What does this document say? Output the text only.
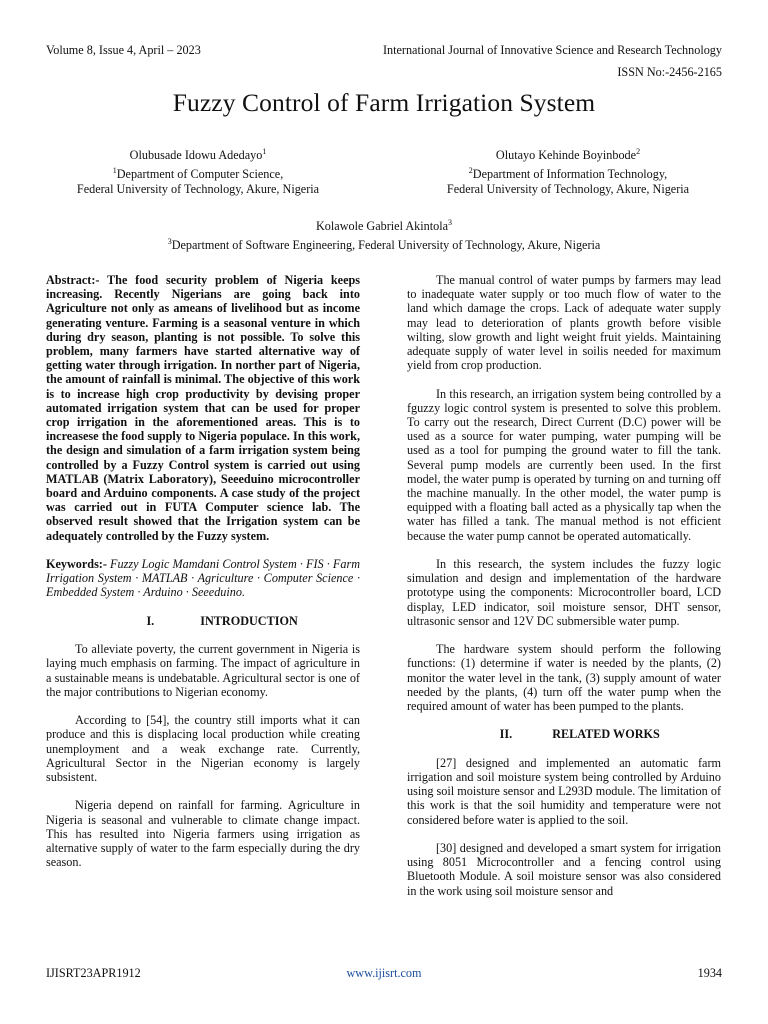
Volume 8, Issue 4, April – 2023	International Journal of Innovative Science and Research Technology
ISSN No:-2456-2165
Fuzzy Control of Farm Irrigation System
Olubusade Idowu Adedayo$^1$
$^1$Department of Computer Science,
Federal University of Technology, Akure, Nigeria
Olutayo Kehinde Boyinbode$^2$
$^2$Department of Information Technology,
Federal University of Technology, Akure, Nigeria
Kolawole Gabriel Akintola$^3$
$^3$Department of Software Engineering, Federal University of Technology, Akure, Nigeria

Abstract:- The food security problem of Nigeria keeps increasing. Recently Nigerians are going back into Agriculture not only as ameans of livelihood but as income generating venture. Farming is a seasonal venture in which during dry season, planting is not possible. To solve this problem, many farmers have started alternative way of getting water through irrigation. In norther part of Nigeria, the amount of rainfall is minimal. The objective of this work is to increase high crop productivity by devising proper automated irrigation system that can be used for proper crop irrigation in the aforementioned areas. This is to increasese the food supply to Nigeria populace. In this work, the design and simulation of a farm irrigation system being controlled by a Fuzzy Control system is carried out using MATLAB (Matrix Laboratory), Seeeduino microcontroller board and Arduino components. A case study of the project was carried out in FUTA Computer science lab. The observed result showed that the Irrigation system can be adequately controlled by the Fuzzy system.

Keywords:- Fuzzy Logic Mamdani Control System · FIS · Farm Irrigation System · MATLAB · Agriculture · Computer Science · Embedded System · Arduino · Seeeduino.

I.	INTRODUCTION

To alleviate poverty, the current government in Nigeria is laying much emphasis on farming. The impact of agriculture in a sustainable means is undebatable. Agricultural sector is one of the major contributions to Nigerian economy.

According to [54], the country still imports what it can produce and this is displacing local production while creating unemployment and a weak exchange rate. Currently, Agricultural Sector in the Nigerian economy is largely subsistent.

Nigeria depend on rainfall for farming. Agriculture in Nigeria is seasonal and vulnerable to climate change impact. This has resulted into Nigeria farmers using irrigation as alternative supply of water to the farm especially during the dry season.

The manual control of water pumps by farmers may lead to inadequate water supply or too much flow of water to the land which damage the crops. Lack of adequate water supply may lead to deterioration of plants growth before visible wilting, slow growth and light weight fruit yields. Maintaining adequate supply of water level in soilis needed for maximum yield from crop production.

In this research, an irrigation system being controlled by a fguzzy logic control system is presented to solve this problem. To carry out the research, Direct Current (D.C) power will be used as a source for water pumping, water pumping will be used as a tool for pumping the ground water to fill the tank. Several pump models are currently been used. In the first model, the water pump is operated by turning on and turning off the machine manually. In the other model, the water pump is equipped with a floating ball acted as a physically tap when the water has filled a tank. The manual method is not efficient because the water pump cannot be operated automatically.

In this research, the system includes the fuzzy logic simulation and design and implementation of the hardware prototype using the components: Microcontroller board, LCD display, LED indicator, soil moisture sensor, DHT sensor, ultrasonic sensor and 12V DC submersible water pump.

The hardware system should perform the following functions: (1) determine if water is needed by the plants, (2) monitor the water level in the tank, (3) supply amount of water needed by the plants, (4) turn off the water pump when the required amount of water has been pumped to the plants.

II.	RELATED WORKS

[27] designed and implemented an automatic farm irrigation and soil moisture system being controlled by Arduino using soil moisture sensor and L293D module. The limitation of this work is that the soil humidity and temperature were not considered before water is applied to the soil.

[30] designed and developed a smart system for irrigation using 8051 Microcontroller and a fencing control using Bluetooth Module. A soil moisture sensor was also considered in the work using soil moisture sensor and

IJISRT23APR1912	www.ijisrt.com	1934
